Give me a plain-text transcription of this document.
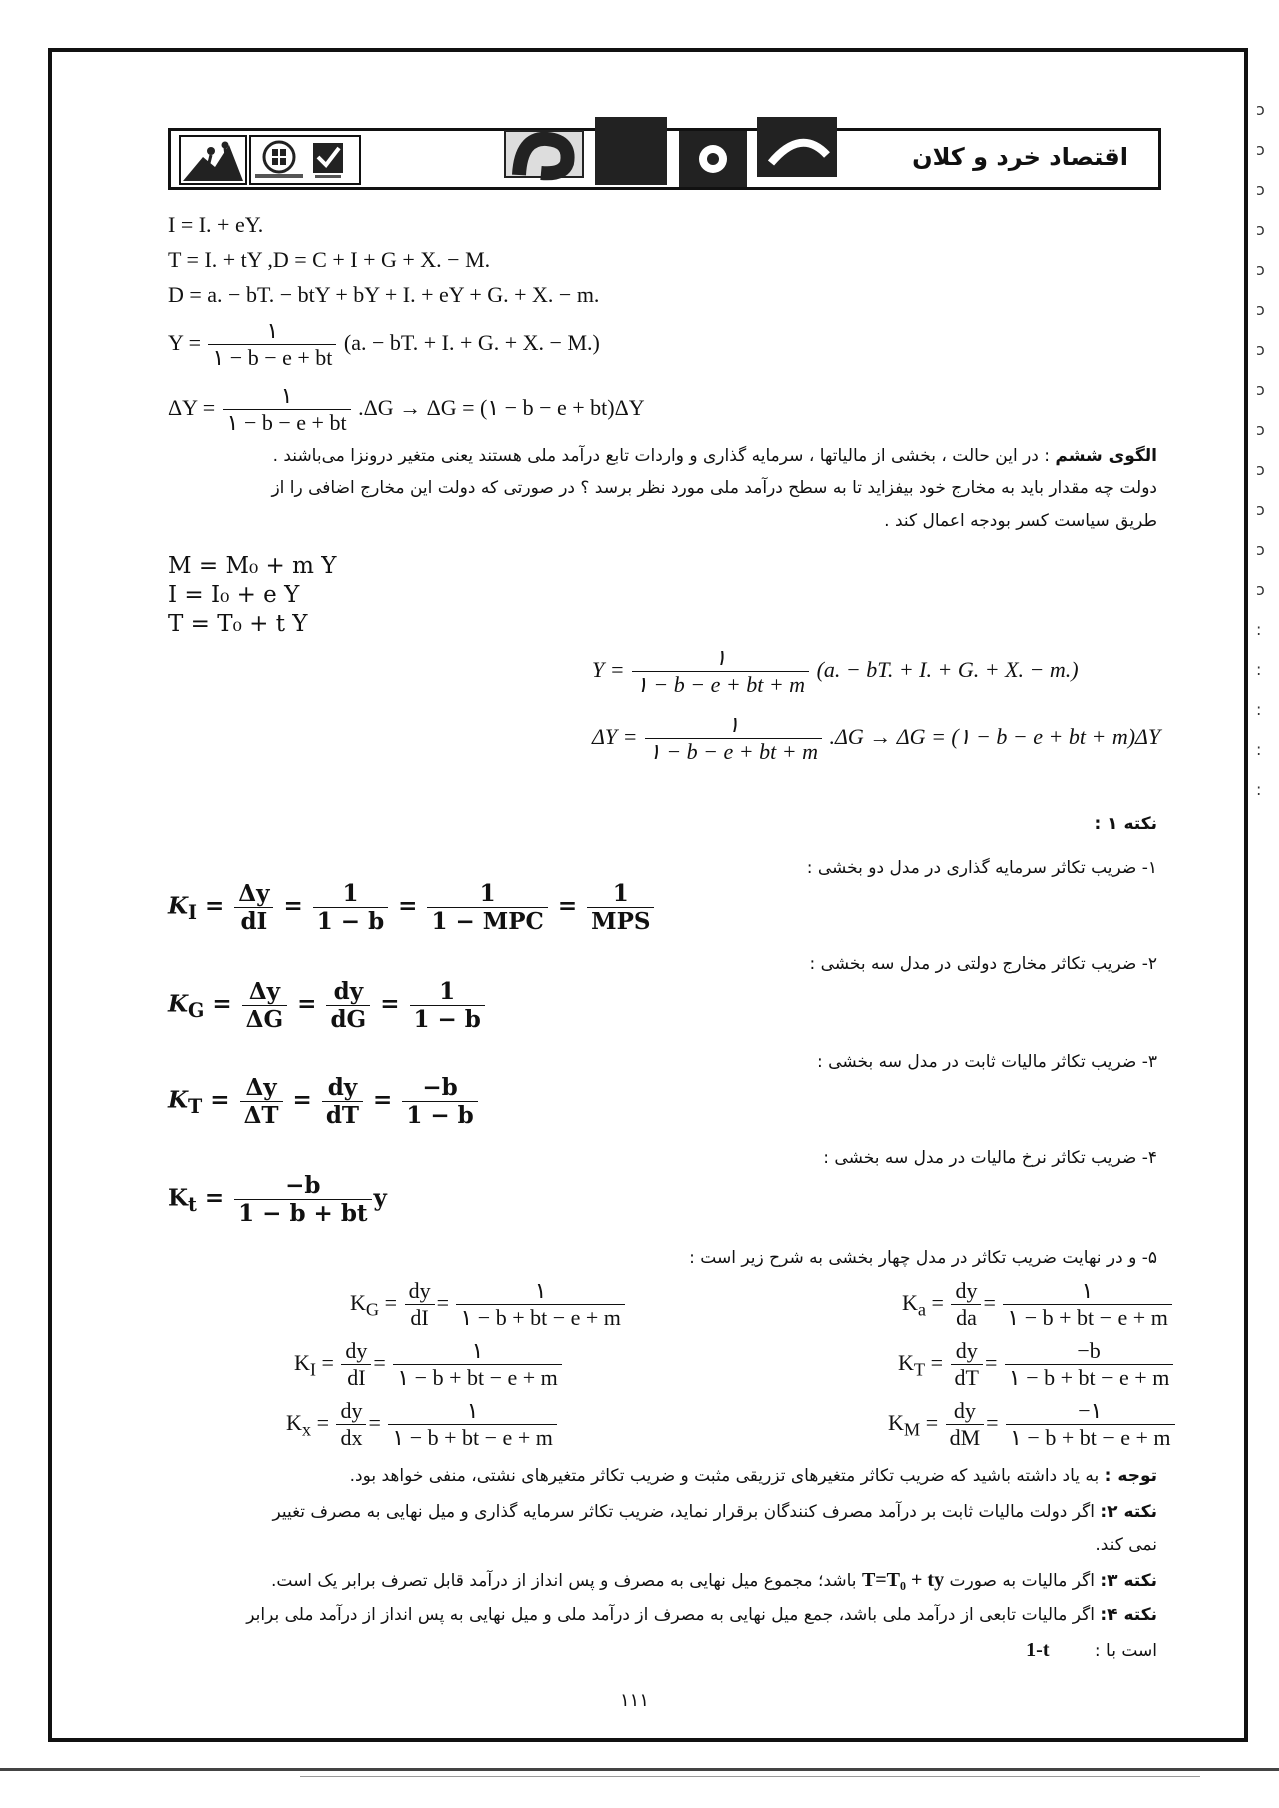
ɔ
ɔ
ɔ
ɔ
ɔ
ɔ
ɔ
ɔ
ɔ
ɔ
ɔ
ɔ
ɔ
:
:
:
:
:
اقتصاد خرد و کلان
I = I. + eY.
T = I. + tY ,D = C + I + G + X. − M.
D = a. − bT. − btY + bY + I. + eY + G. + X. − m.
$Y = \frac{۱}{۱ - b - e + bt} (a$. − bT. + I. + G. + X. − M.)
$\Delta Y = \frac{۱}{۱ - b - e + bt} .\Delta G \to \Delta G$ = (۱ − b − e + bt)ΔY
الگوی ششم : در این حالت ، بخشی از مالیاتها ، سرمایه گذاری و واردات تابع درآمد ملی هستند یعنی متغیر درونزا می‌باشند .
دولت چه مقدار باید به مخارج خود بیفزاید تا به سطح درآمد ملی مورد نظر برسد ؟ در صورتی که دولت این مخارج اضافی را از
طریق سیاست کسر بودجه اعمال کند .
M = M₀ + m Y
I = I₀ + e Y
T = T₀ + t Y
$Y = \frac{۱}{۱ - b - e + bt + m} (a$. − bT. + I. + G. + X. − m.)
$\Delta Y = \frac{۱}{۱ - b - e + bt + m} .\Delta G \to \Delta G$ = (۱ − b − e + bt + m)ΔY
نکته ۱ :
۱- ضریب تکاثر سرمایه گذاری در مدل دو بخشی :
$K_I = \frac{\Delta y}{dI} = \frac{1}{1 - b} = \frac{1}{\text{1 − MPC}} = \frac{1}{\text{MPS}}$
۲- ضریب تکاثر مخارج دولتی در مدل سه بخشی :
$K_G = \frac{\Delta y}{\Delta G} = \frac{dy}{dG} = \frac{1}{1 - b}$
۳- ضریب تکاثر مالیات ثابت در مدل سه بخشی :
$K_T = \frac{\Delta y}{\Delta T} = \frac{dy}{dT} = \frac{-b}{1 - b}$
۴- ضریب تکاثر نرخ مالیات در مدل سه بخشی :
$K_t = \frac{-b}{1 - b + bt}$ y
۵- و در نهایت ضریب تکاثر در مدل چهار بخشی به شرح زیر است :
$K_G = \frac{dy}{dI} = \frac{۱}{۱ - b + bt - e + m}$
$K_I = \frac{dy}{dI} = \frac{۱}{۱ - b + bt - e + m}$
$K_x = \frac{dy}{dx} = \frac{۱}{۱ - b + bt - e + m}$
$K_a = \frac{dy}{da} = \frac{۱}{۱ - b + bt - e + m}$
$K_T = \frac{dy}{dT} = \frac{-b}{۱ - b + bt - e + m}$
$K_M = \frac{dy}{dM} = \frac{-۱}{۱ - b + bt - e + m}$
توجه : به یاد داشته باشید که ضریب تکاثر متغیرهای تزریقی مثبت و ضریب تکاثر متغیرهای نشتی، منفی خواهد بود.
نکته ۲: اگر دولت مالیات ثابت بر درآمد مصرف کنندگان برقرار نماید، ضریب تکاثر سرمایه گذاری و میل نهایی به مصرف تغییر
نمی کند.
نکته ۳: اگر مالیات به صورت T=T₀ + ty باشد؛ مجموع میل نهایی به مصرف و پس انداز از درآمد قابل تصرف برابر یک است.
نکته ۴: اگر مالیات تابعی از درآمد ملی باشد، جمع میل نهایی به مصرف از درآمد ملی و میل نهایی به پس انداز از درآمد ملی برابر
است با : 1-t
۱۱۱
